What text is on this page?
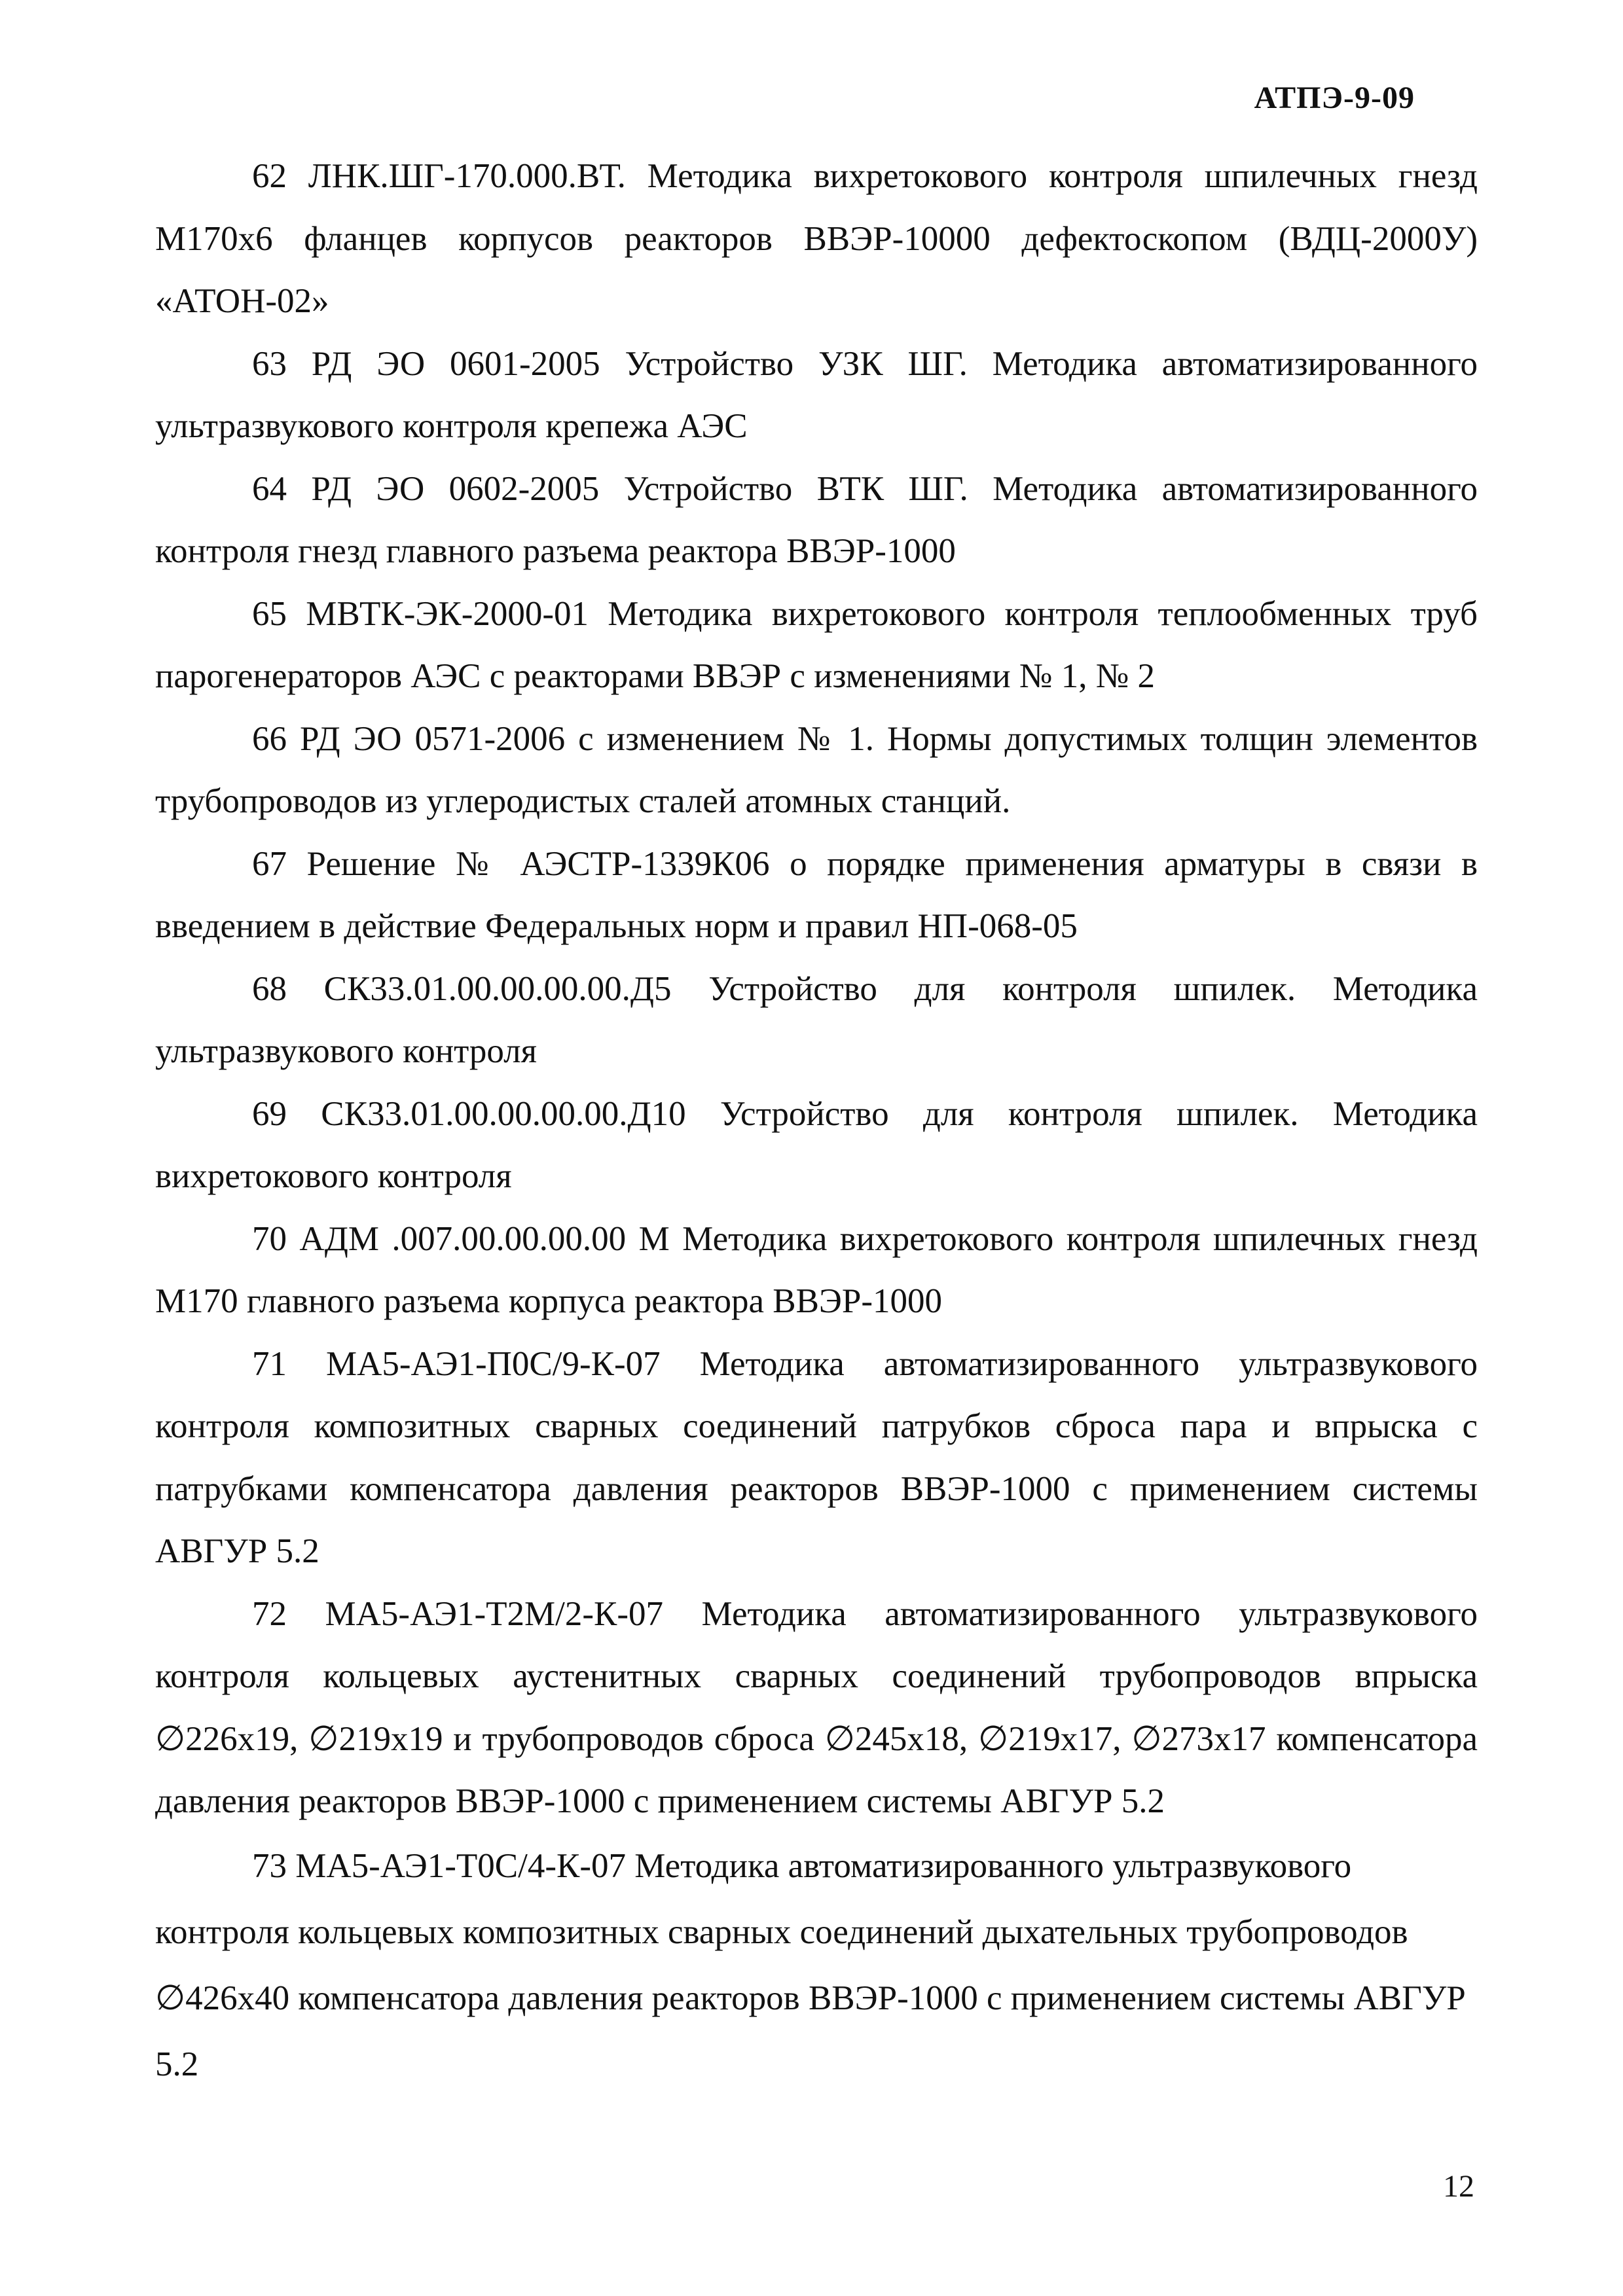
АТПЭ-9-09

62 ЛНК.ШГ-170.000.ВТ. Методика вихретокового контроля шпилечных гнезд М170х6 фланцев корпусов реакторов ВВЭР-10000 дефектоскопом (ВДЦ-2000У) «АТОН-02»

63 РД ЭО 0601-2005 Устройство УЗК ШГ. Методика автоматизированного ультразвукового контроля крепежа АЭС

64 РД ЭО 0602-2005 Устройство ВТК ШГ. Методика автоматизированного контроля гнезд главного разъема реактора ВВЭР-1000

65 МВТК-ЭК-2000-01 Методика вихретокового контроля теплообменных труб парогенераторов АЭС с реакторами ВВЭР с изменениями № 1, № 2

66 РД ЭО 0571-2006 с изменением № 1. Нормы допустимых толщин элементов трубопроводов из углеродистых сталей атомных станций.

67 Решение № АЭСТР-1339К06 о порядке применения арматуры в связи в введением в действие Федеральных норм и правил НП-068-05

68 СК33.01.00.00.00.00.Д5 Устройство для контроля шпилек. Методика ультразвукового контроля

69 СК33.01.00.00.00.00.Д10 Устройство для контроля шпилек. Методика вихретокового контроля

70 АДМ .007.00.00.00.00 М Методика вихретокового контроля шпилечных гнезд М170 главного разъема корпуса реактора ВВЭР-1000

71 МА5-АЭ1-П0С/9-К-07 Методика автоматизированного ультразвукового контроля композитных сварных соединений патрубков сброса пара и впрыска с патрубками компенсатора давления реакторов ВВЭР-1000 с применением системы АВГУР 5.2

72 МА5-АЭ1-Т2М/2-К-07 Методика автоматизированного ультразвукового контроля кольцевых аустенитных сварных соединений трубопроводов впрыска ∅226х19, ∅219х19 и трубопроводов сброса ∅245х18, ∅219х17, ∅273х17 компенсатора давления реакторов ВВЭР-1000 с применением системы АВГУР 5.2

73 МА5-АЭ1-Т0С/4-К-07 Методика автоматизированного ультразвукового контроля кольцевых композитных сварных соединений дыхательных трубопроводов ∅426х40 компенсатора давления реакторов ВВЭР-1000 с применением системы АВГУР 5.2

12
